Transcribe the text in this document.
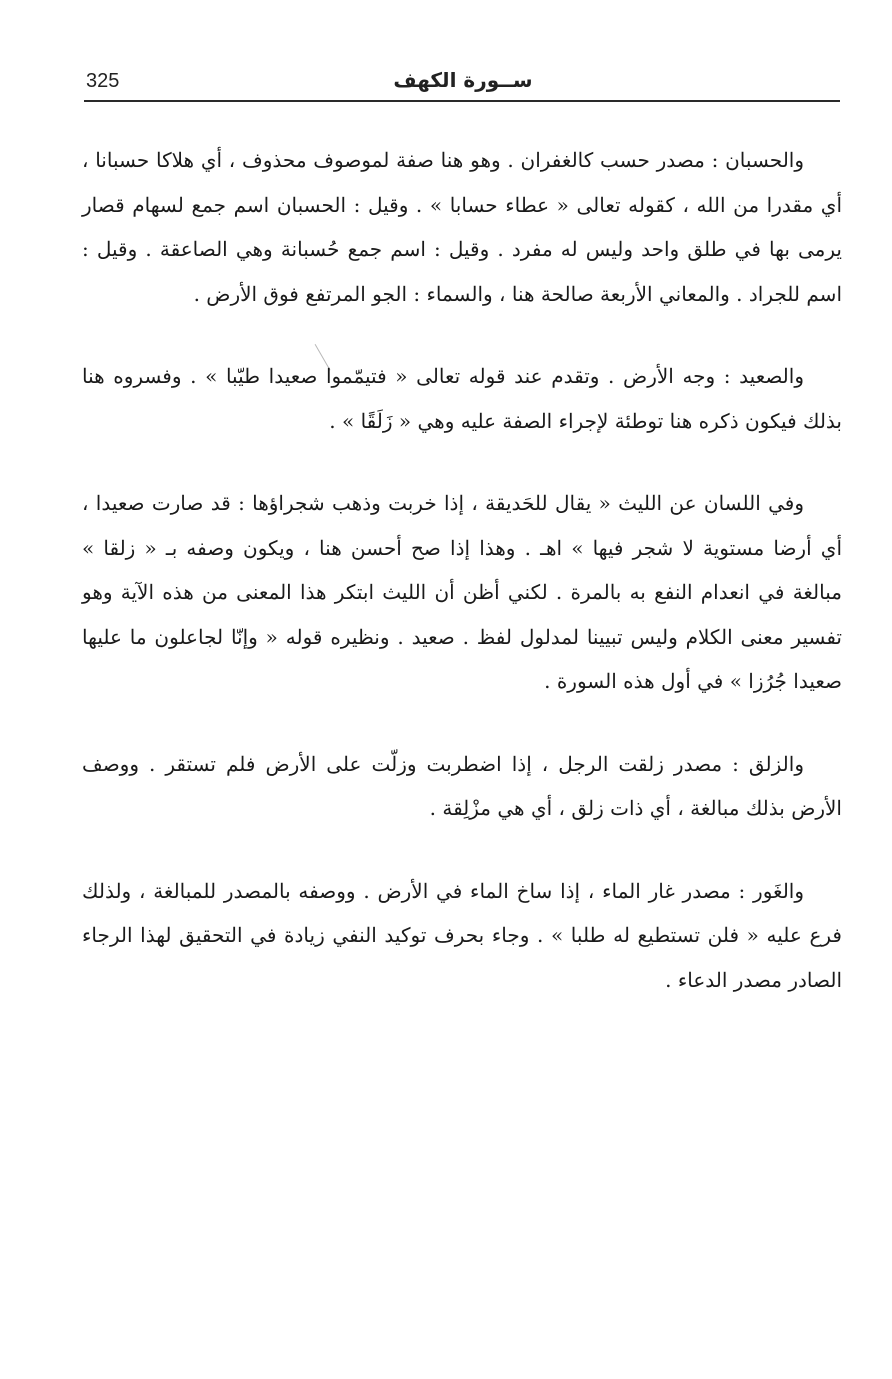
325	ســورة الكهف

والحسبان : مصدر حسب كالغفران . وهو هنا صفة لموصوف محذوف ، أي هلاكا حسبانا ، أي مقدرا من الله ، كقوله تعالى « عطاء حسابا » . وقيل : الحسبان اسم جمع لسهام قصار يرمى بها في طلق واحد وليس له مفرد . وقيل : اسم جمع حُسبانة وهي الصاعقة . وقيل : اسم للجراد . والمعاني الأربعة صالحة هنا ، والسماء : الجو المرتفع فوق الأرض .

والصعيد : وجه الأرض . وتقدم عند قوله تعالى « فتيمّموا صعيدا طيّبا » . وفسروه هنا بذلك فيكون ذكره هنا توطئة لإجراء الصفة عليه وهي « زَلَقًا » .

وفي اللسان عن الليث « يقال للحَديقة ، إذا خربت وذهب شجراؤها : قد صارت صعيدا ، أي أرضا مستوية لا شجر فيها » اهـ . وهذا إذا صح أحسن هنا ، ويكون وصفه بـ « زلقا » مبالغة في انعدام النفع به بالمرة . لكني أظن أن الليث ابتكر هذا المعنى من هذه الآية وهو تفسير معنى الكلام وليس تبيينا لمدلول لفظ . صعيد . ونظيره قوله « وإنّا لجاعلون ما عليها صعيدا جُرُزا » في أول هذه السورة .

والزلق : مصدر زلقت الرجل ، إذا اضطربت وزلّت على الأرض فلم تستقر . ووصف الأرض بذلك مبالغة ، أي ذات زلق ، أي هي مزْلِقة .

والغَور : مصدر غار الماء ، إذا ساخ الماء في الأرض . ووصفه بالمصدر للمبالغة ، ولذلك فرع عليه « فلن تستطيع له طلبا » . وجاء بحرف توكيد النفي زيادة في التحقيق لهذا الرجاء الصادر مصدر الدعاء .
